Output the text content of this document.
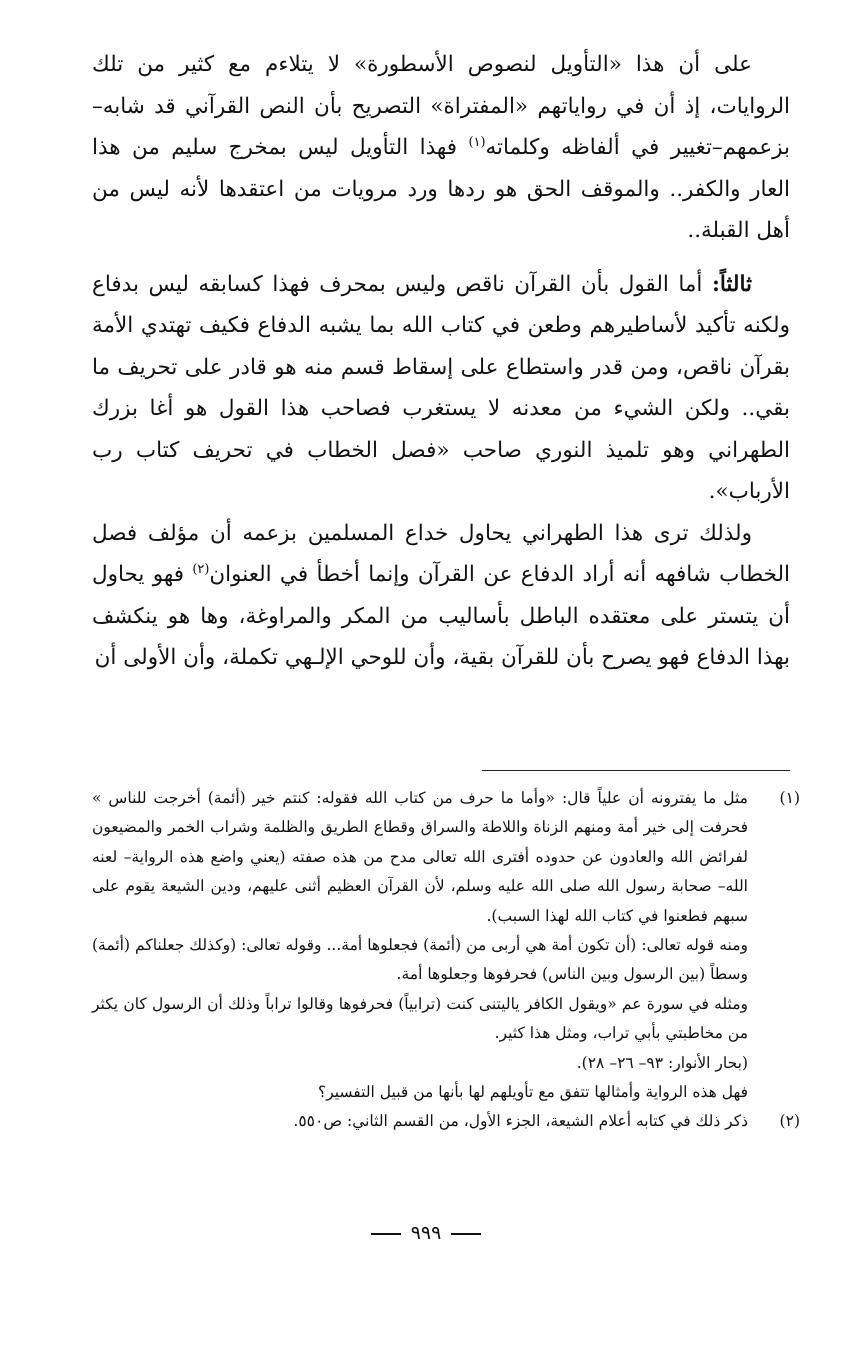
على أن هذا «التأويل لنصوص الأسطورة» لا يتلاءم مع كثير من تلك الروايات، إذ أن في رواياتهم «المفتراة» التصريح بأن النص القرآني قد شابه–بزعمهم–تغيير في ألفاظه وكلماته$^{(١)}$ فهذا التأويل ليس بمخرج سليم من هذا العار والكفر.. والموقف الحق هو ردها ورد مرويات من اعتقدها لأنه ليس من أهل القبلة..

ثالثاً: أما القول بأن القرآن ناقص وليس بمحرف فهذا كسابقه ليس بدفاع ولكنه تأكيد لأساطيرهم وطعن في كتاب الله بما يشبه الدفاع فكيف تهتدي الأمة بقرآن ناقص، ومن قدر واستطاع على إسقاط قسم منه هو قادر على تحريف ما بقي.. ولكن الشيء من معدنه لا يستغرب فصاحب هذا القول هو أغا بزرك الطهراني وهو تلميذ النوري صاحب «فصل الخطاب في تحريف كتاب رب الأرباب».

ولذلك ترى هذا الطهراني يحاول خداع المسلمين بزعمه أن مؤلف فصل الخطاب شافهه أنه أراد الدفاع عن القرآن وإنما أخطأ في العنوان$^{(٢)}$ فهو يحاول أن يتستر على معتقده الباطل بأساليب من المكر والمراوغة، وها هو ينكشف بهذا الدفاع فهو يصرح بأن للقرآن بقية، وأن للوحي الإلـهي تكملة، وأن الأولى أن

(١)

مثل ما يفترونه أن علياً قال: «وأما ما حرف من كتاب الله فقوله: كنتم خير (أئمة) أخرجت للناس » فحرفت إلى خير أمة ومنهم الزناة واللاطة والسراق وقطاع الطريق والظلمة وشراب الخمر والمضيعون لفرائض الله والعادون عن حدوده أفترى الله تعالى مدح من هذه صفته (يعني واضع هذه الرواية– لعنه الله– صحابة رسول الله صلى الله عليه وسلم، لأن القرآن العظيم أثنى عليهم، ودين الشيعة يقوم على سبهم فطعنوا في كتاب الله لهذا السبب).

ومنه قوله تعالى: (أن تكون أمة هي أربى من (أئمة) فجعلوها أمة... وقوله تعالى: (وكذلك جعلناكم (أئمة) وسطاً (بين الرسول وبين الناس) فحرفوها وجعلوها أمة.

ومثله في سورة عم «ويقول الكافر ياليتنى كنت (ترابياً) فحرفوها وقالوا تراباً وذلك أن الرسول كان يكثر من مخاطبتي بأبي تراب، ومثل هذا كثير.

(بحار الأنوار: ٩٣– ٢٦– ٢٨).

فهل هذه الرواية وأمثالها تتفق مع تأويلهم لها بأنها من قبيل التفسير؟

(٢)

ذكر ذلك في كتابه أعلام الشيعة، الجزء الأول، من القسم الثاني: ص٥٥٠.

٩٩٩
